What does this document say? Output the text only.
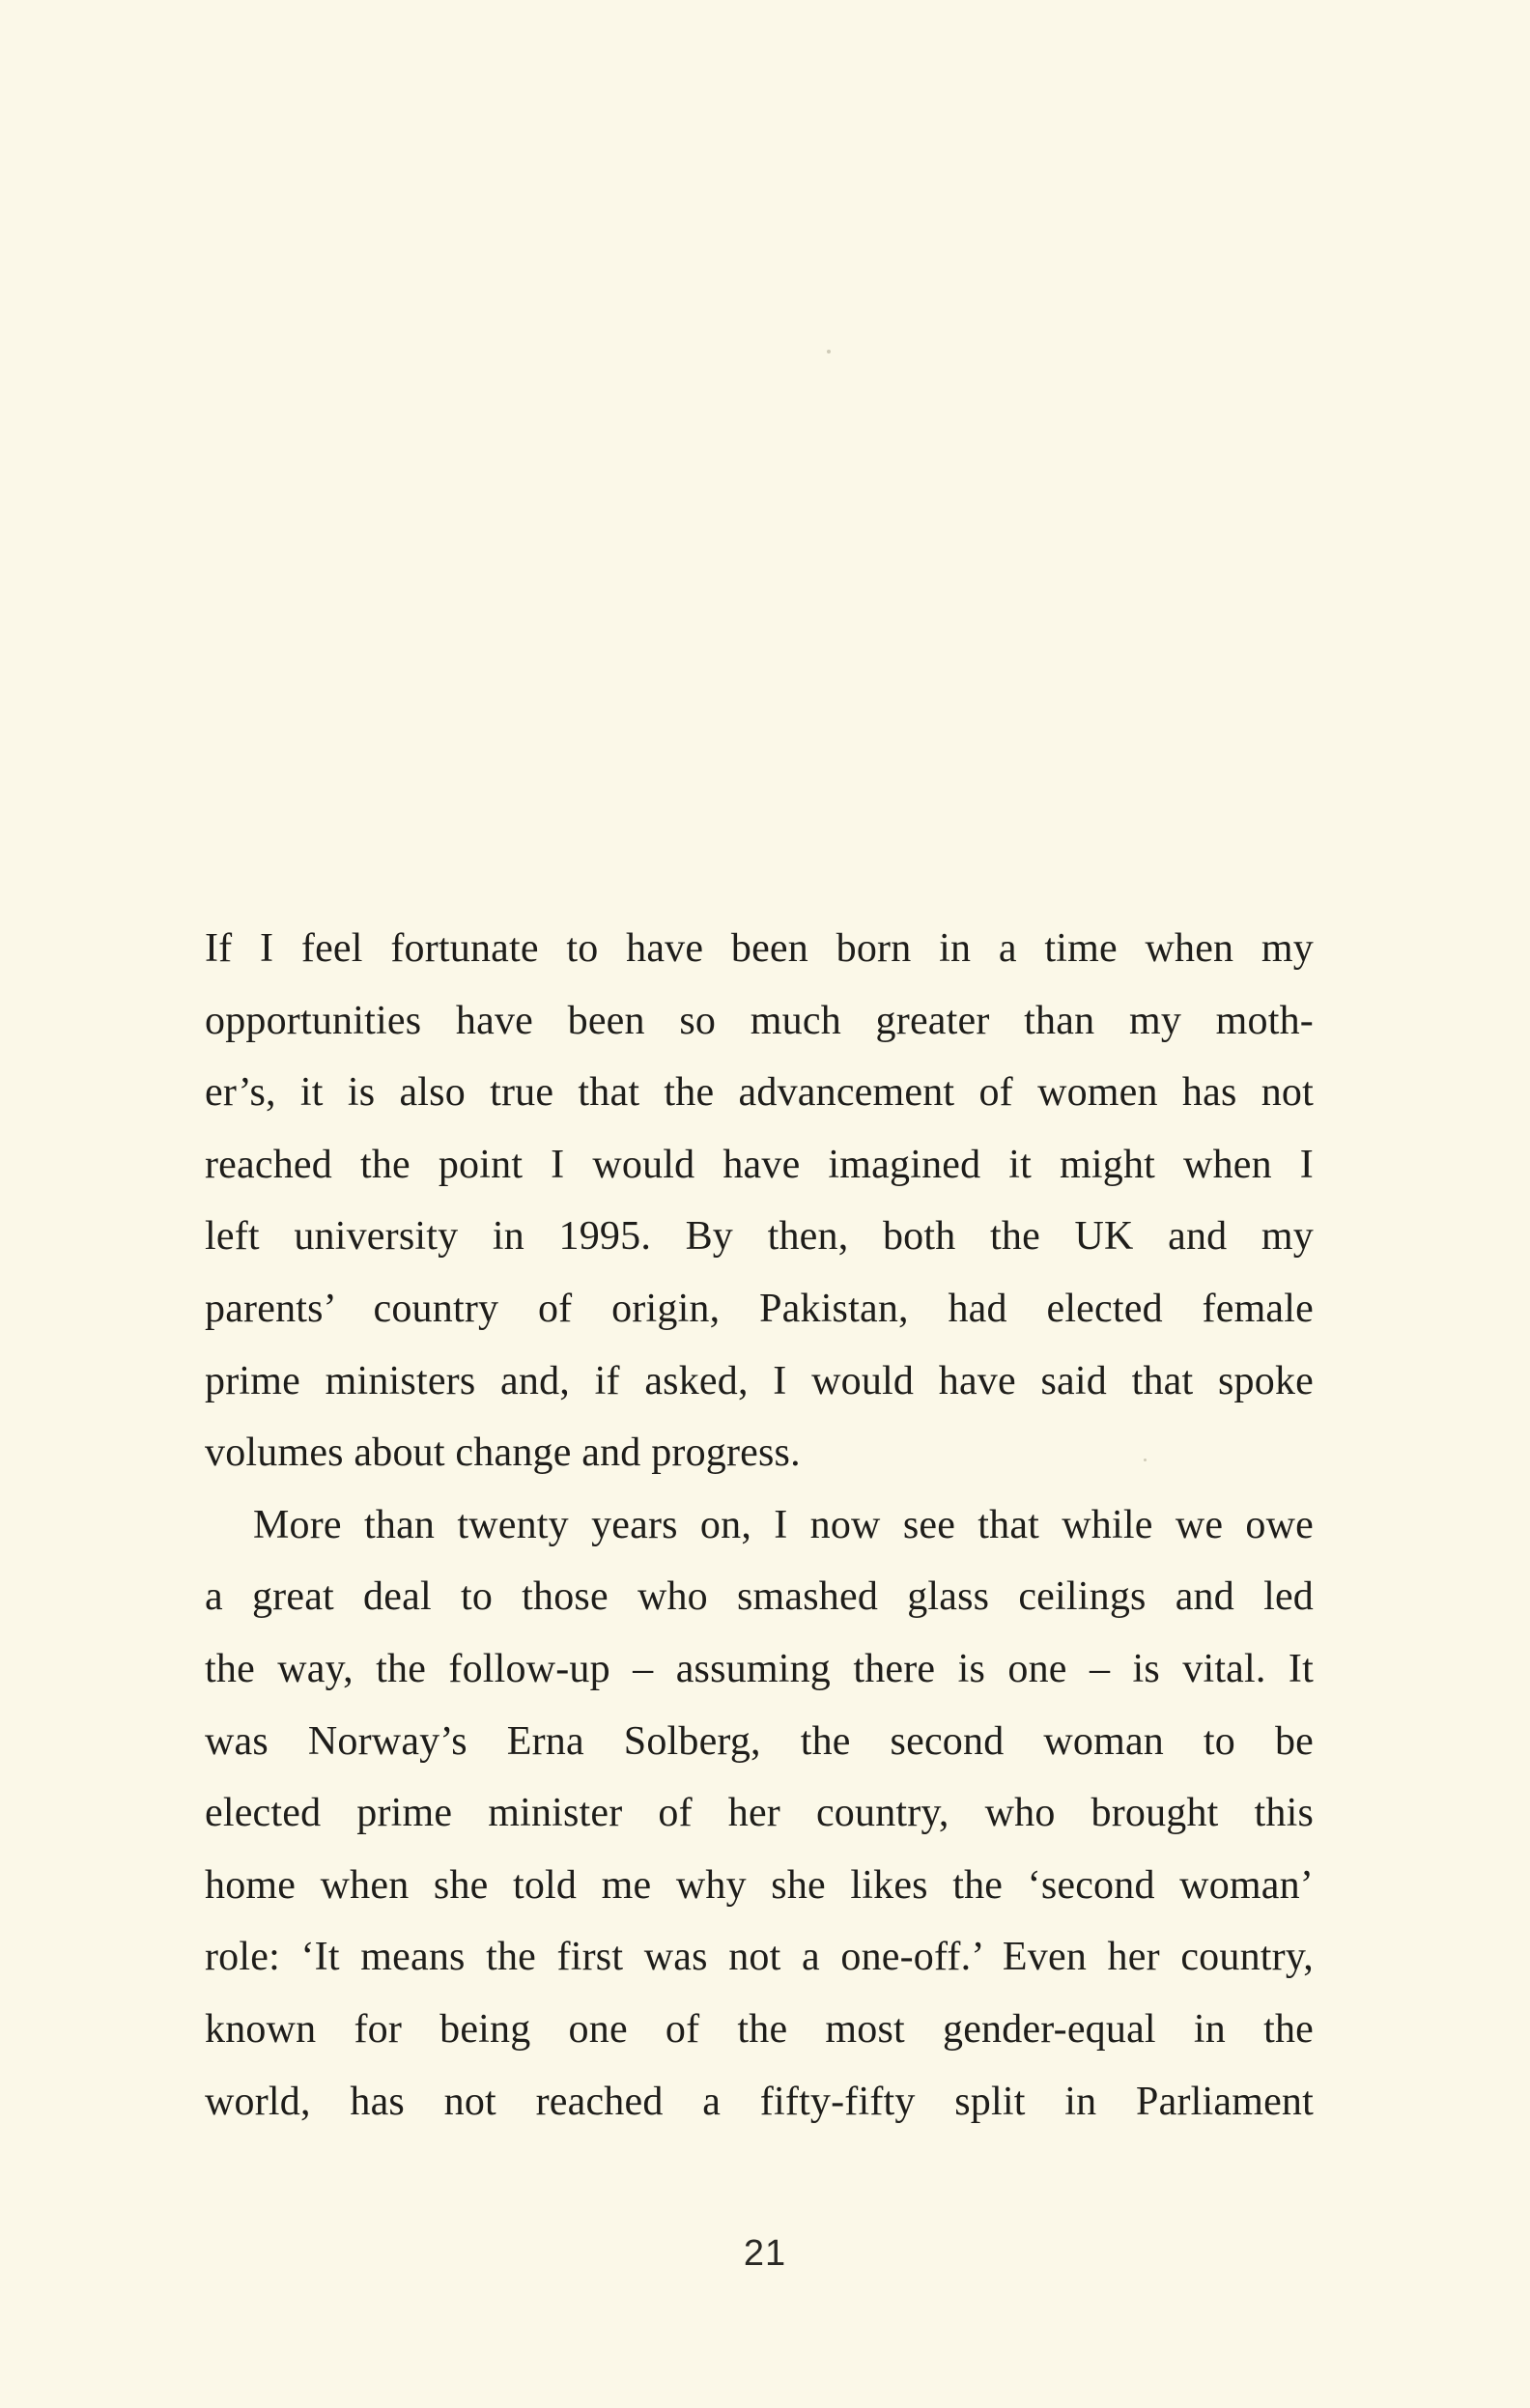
If I feel fortunate to have been born in a time when my
opportunities have been so much greater than my moth-
er’s, it is also true that the advancement of women has not
reached the point I would have imagined it might when I
left university in 1995. By then, both the UK and my
parents’ country of origin, Pakistan, had elected female
prime ministers and, if asked, I would have said that spoke
volumes about change and progress.
More than twenty years on, I now see that while we owe
a great deal to those who smashed glass ceilings and led
the way, the follow-up – assuming there is one – is vital. It
was Norway’s Erna Solberg, the second woman to be
elected prime minister of her country, who brought this
home when she told me why she likes the ‘second woman’
role: ‘It means the first was not a one-off.’ Even her country,
known for being one of the most gender-equal in the
world, has not reached a fifty-fifty split in Parliament
21
